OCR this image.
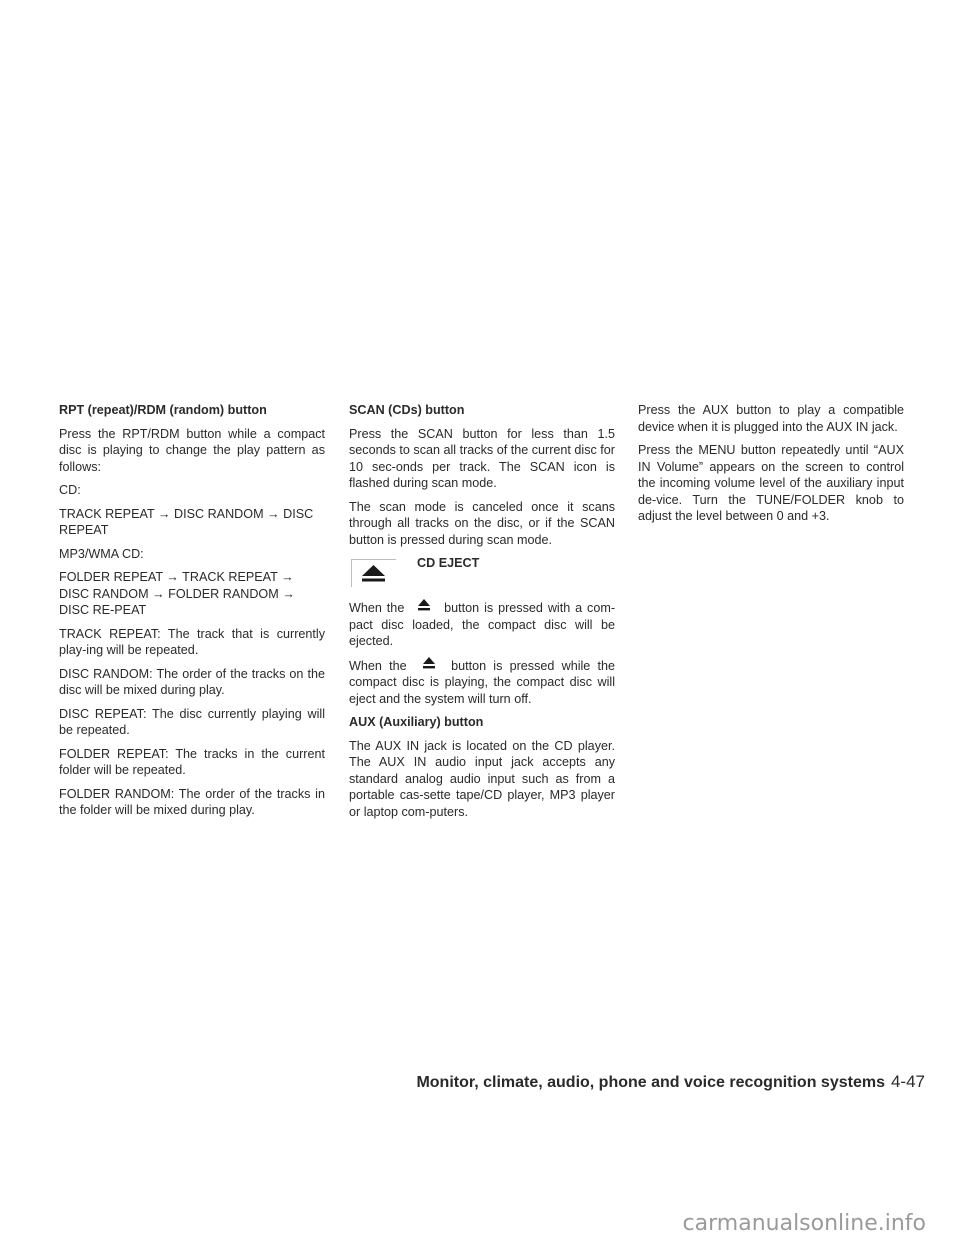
RPT (repeat)/RDM (random) button

Press the RPT/RDM button while a compact disc is playing to change the play pattern as follows:

CD:

TRACK REPEAT → DISC RANDOM → DISC REPEAT

MP3/WMA CD:

FOLDER REPEAT → TRACK REPEAT → DISC RANDOM → FOLDER RANDOM → DISC RE-PEAT

TRACK REPEAT: The track that is currently play-ing will be repeated.

DISC RANDOM: The order of the tracks on the disc will be mixed during play.

DISC REPEAT: The disc currently playing will be repeated.

FOLDER REPEAT: The tracks in the current folder will be repeated.

FOLDER RANDOM: The order of the tracks in the folder will be mixed during play.

SCAN (CDs) button

Press the SCAN button for less than 1.5 seconds to scan all tracks of the current disc for 10 sec-onds per track. The SCAN icon is flashed during scan mode.

The scan mode is canceled once it scans through all tracks on the disc, or if the SCAN button is pressed during scan mode.

CD EJECT

When the	button is pressed with a com-pact disc loaded, the compact disc will be ejected.

When the	button is pressed while the compact disc is playing, the compact disc will eject and the system will turn off.

AUX (Auxiliary) button

The AUX IN jack is located on the CD player. The AUX IN audio input jack accepts any standard analog audio input such as from a portable cas-sette tape/CD player, MP3 player or laptop com-puters.

Press the AUX button to play a compatible device when it is plugged into the AUX IN jack.

Press the MENU button repeatedly until “AUX IN Volume” appears on the screen to control the incoming volume level of the auxiliary input de-vice. Turn the TUNE/FOLDER knob to adjust the level between 0 and +3.

Monitor, climate, audio, phone and voice recognition systems 4-47
carmanualsonline.info
